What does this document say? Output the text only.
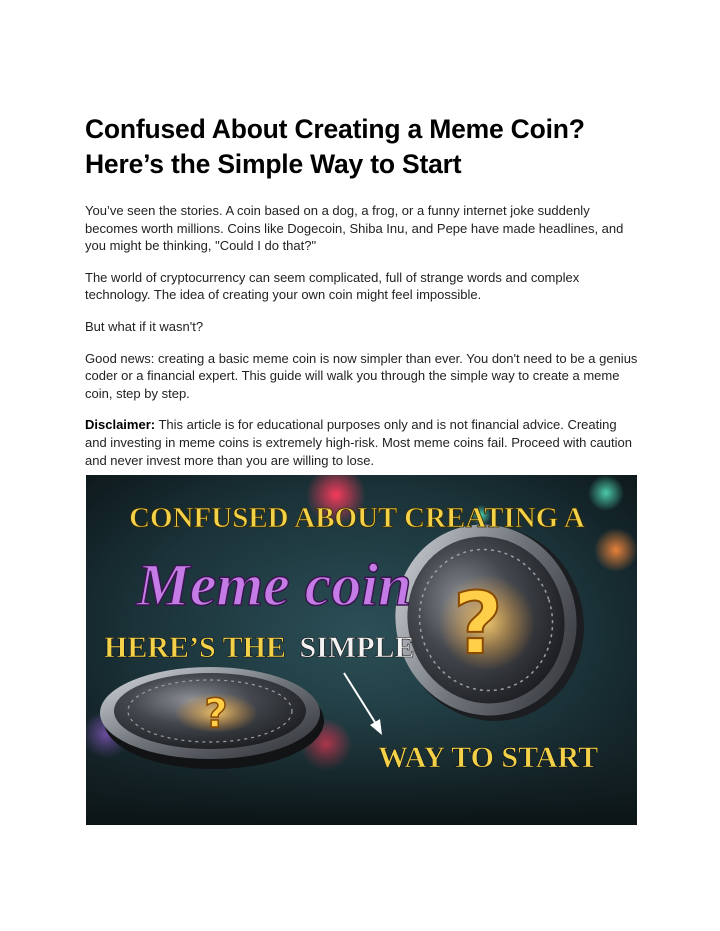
Confused About Creating a Meme Coin?
Here’s the Simple Way to Start

You’ve seen the stories. A coin based on a dog, a frog, or a funny internet joke suddenly becomes worth millions. Coins like Dogecoin, Shiba Inu, and Pepe have made headlines, and you might be thinking, "Could I do that?"

The world of cryptocurrency can seem complicated, full of strange words and complex technology. The idea of creating your own coin might feel impossible.

But what if it wasn't?

Good news: creating a basic meme coin is now simpler than ever. You don't need to be a genius coder or a financial expert. This guide will walk you through the simple way to create a meme coin, step by step.

Disclaimer: This article is for educational purposes only and is not financial advice. Creating and investing in meme coins is extremely high-risk. Most meme coins fail. Proceed with caution and never invest more than you are willing to lose.

?
?
CONFUSED ABOUT CREATING A
Meme coin
HERE’S THE SIMPLE
WAY TO START
